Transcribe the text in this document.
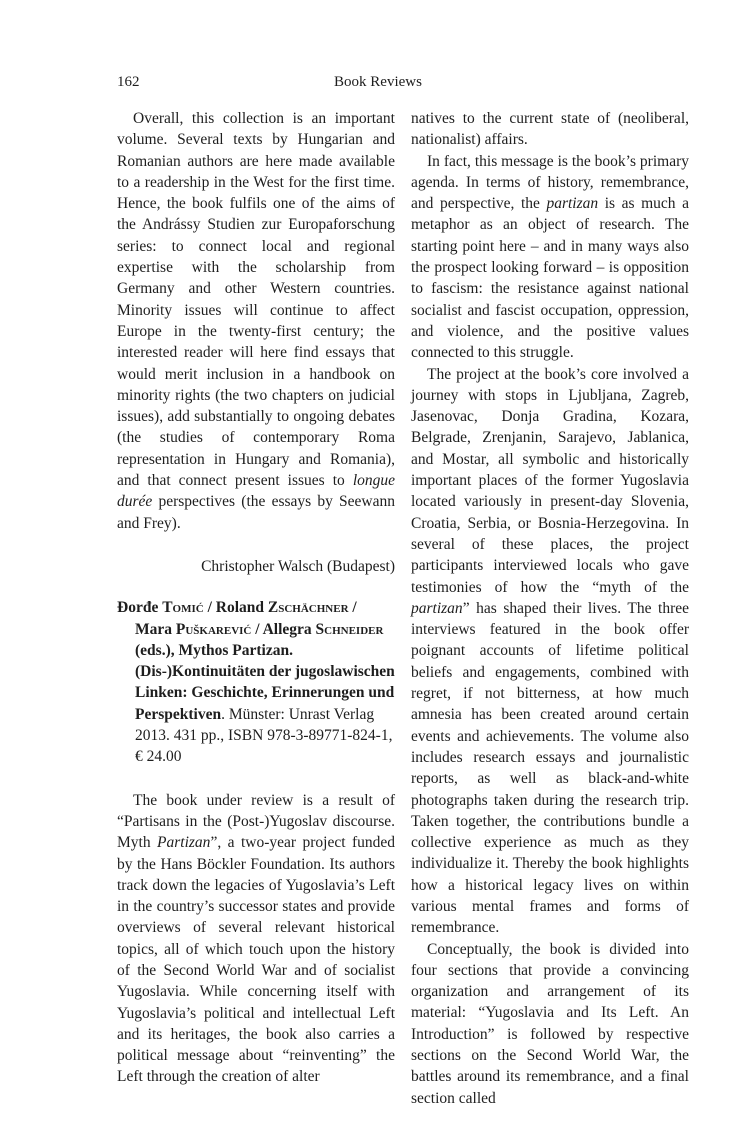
162	Book Reviews

Overall, this collection is an important volume. Several texts by Hungarian and Romanian authors are here made available to a readership in the West for the first time. Hence, the book fulfils one of the aims of the Andrássy Studien zur Europaforschung series: to connect local and regional expertise with the scholarship from Germany and other Western countries. Minority issues will continue to affect Europe in the twenty-first century; the interested reader will here find essays that would merit inclusion in a handbook on minority rights (the two chapters on judicial issues), add substantially to ongoing debates (the studies of contemporary Roma representation in Hungary and Romania), and that connect present issues to longue durée perspectives (the essays by Seewann and Frey).

Christopher Walsch (Budapest)

Đorđe Tomić / Roland Zschächner / Mara Puškarević / Allegra Schneider (eds.), Mythos Partizan. (Dis-)Kontinuitäten der jugoslawischen Linken: Geschichte, Erinnerungen und Perspektiven. Münster: Unrast Verlag 2013. 431 pp., ISBN 978-3-89771-824-1, € 24.00

The book under review is a result of “Partisans in the (Post-)Yugoslav discourse. Myth Partizan”, a two-year project funded by the Hans Böckler Foundation. Its authors track down the legacies of Yugoslavia’s Left in the country’s successor states and provide overviews of several relevant historical topics, all of which touch upon the history of the Second World War and of socialist Yugoslavia. While concerning itself with Yugoslavia’s political and intellectual Left and its heritages, the book also carries a political message about “reinventing” the Left through the creation of alter

natives to the current state of (neoliberal, nationalist) affairs.

In fact, this message is the book’s primary agenda. In terms of history, remembrance, and perspective, the partizan is as much a metaphor as an object of research. The starting point here – and in many ways also the prospect looking forward – is opposition to fascism: the resistance against national socialist and fascist occupation, oppression, and violence, and the positive values connected to this struggle.

The project at the book’s core involved a journey with stops in Ljubljana, Zagreb, Jasenovac, Donja Gradina, Kozara, Belgrade, Zrenjanin, Sarajevo, Jablanica, and Mostar, all symbolic and historically important places of the former Yugoslavia located variously in present-day Slovenia, Croatia, Serbia, or Bosnia-Herzegovina. In several of these places, the project participants interviewed locals who gave testimonies of how the “myth of the partizan” has shaped their lives. The three interviews featured in the book offer poignant accounts of lifetime political beliefs and engagements, combined with regret, if not bitterness, at how much amnesia has been created around certain events and achievements. The volume also includes research essays and journalistic reports, as well as black-and-white photographs taken during the research trip. Taken together, the contributions bundle a collective experience as much as they individualize it. Thereby the book highlights how a historical legacy lives on within various mental frames and forms of remembrance.

Conceptually, the book is divided into four sections that provide a convincing organization and arrangement of its material: “Yugoslavia and Its Left. An Introduction” is followed by respective sections on the Second World War, the battles around its remembrance, and a final section called
